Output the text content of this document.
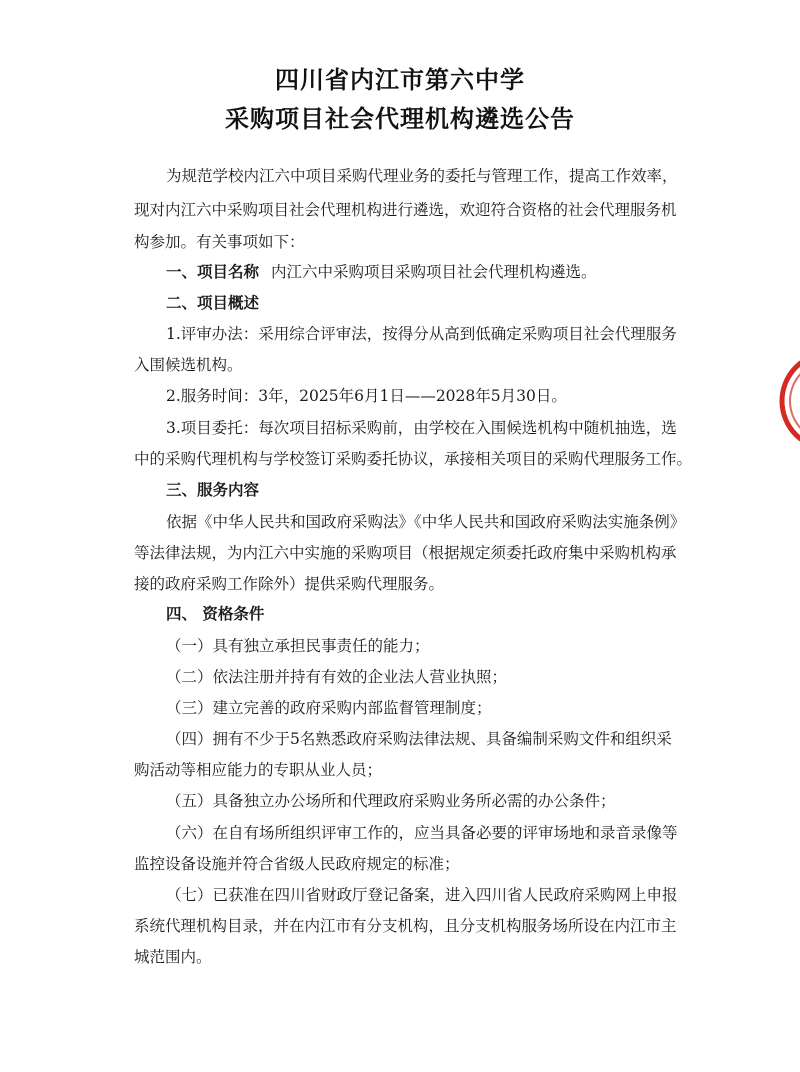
四川省内江市第六中学
采购项目社会代理机构遴选公告
为规范学校内江六中项目采购代理业务的委托与管理工作，提高工作效率，
现对内江六中采购项目社会代理机构进行遴选，欢迎符合资格的社会代理服务机
构参加。有关事项如下：
一、项目名称 内江六中采购项目采购项目社会代理机构遴选。
二、项目概述
1.评审办法：采用综合评审法，按得分从高到低确定采购项目社会代理服务
入围候选机构。
2.服务时间：3年，2025年6月1日——2028年5月30日。
3.项目委托：每次项目招标采购前，由学校在入围候选机构中随机抽选，选
中的采购代理机构与学校签订采购委托协议，承接相关项目的采购代理服务工作。
三、服务内容
依据《中华人民共和国政府采购法》《中华人民共和国政府采购法实施条例》
等法律法规，为内江六中实施的采购项目（根据规定须委托政府集中采购机构承
接的政府采购工作除外）提供采购代理服务。
四、 资格条件
（一）具有独立承担民事责任的能力；
（二）依法注册并持有有效的企业法人营业执照；
（三）建立完善的政府采购内部监督管理制度；
（四）拥有不少于5名熟悉政府采购法律法规、具备编制采购文件和组织采
购活动等相应能力的专职从业人员；
（五）具备独立办公场所和代理政府采购业务所必需的办公条件；
（六）在自有场所组织评审工作的，应当具备必要的评审场地和录音录像等
监控设备设施并符合省级人民政府规定的标准；
（七）已获准在四川省财政厅登记备案，进入四川省人民政府采购网上申报
系统代理机构目录，并在内江市有分支机构，且分支机构服务场所设在内江市主
城范围内。
